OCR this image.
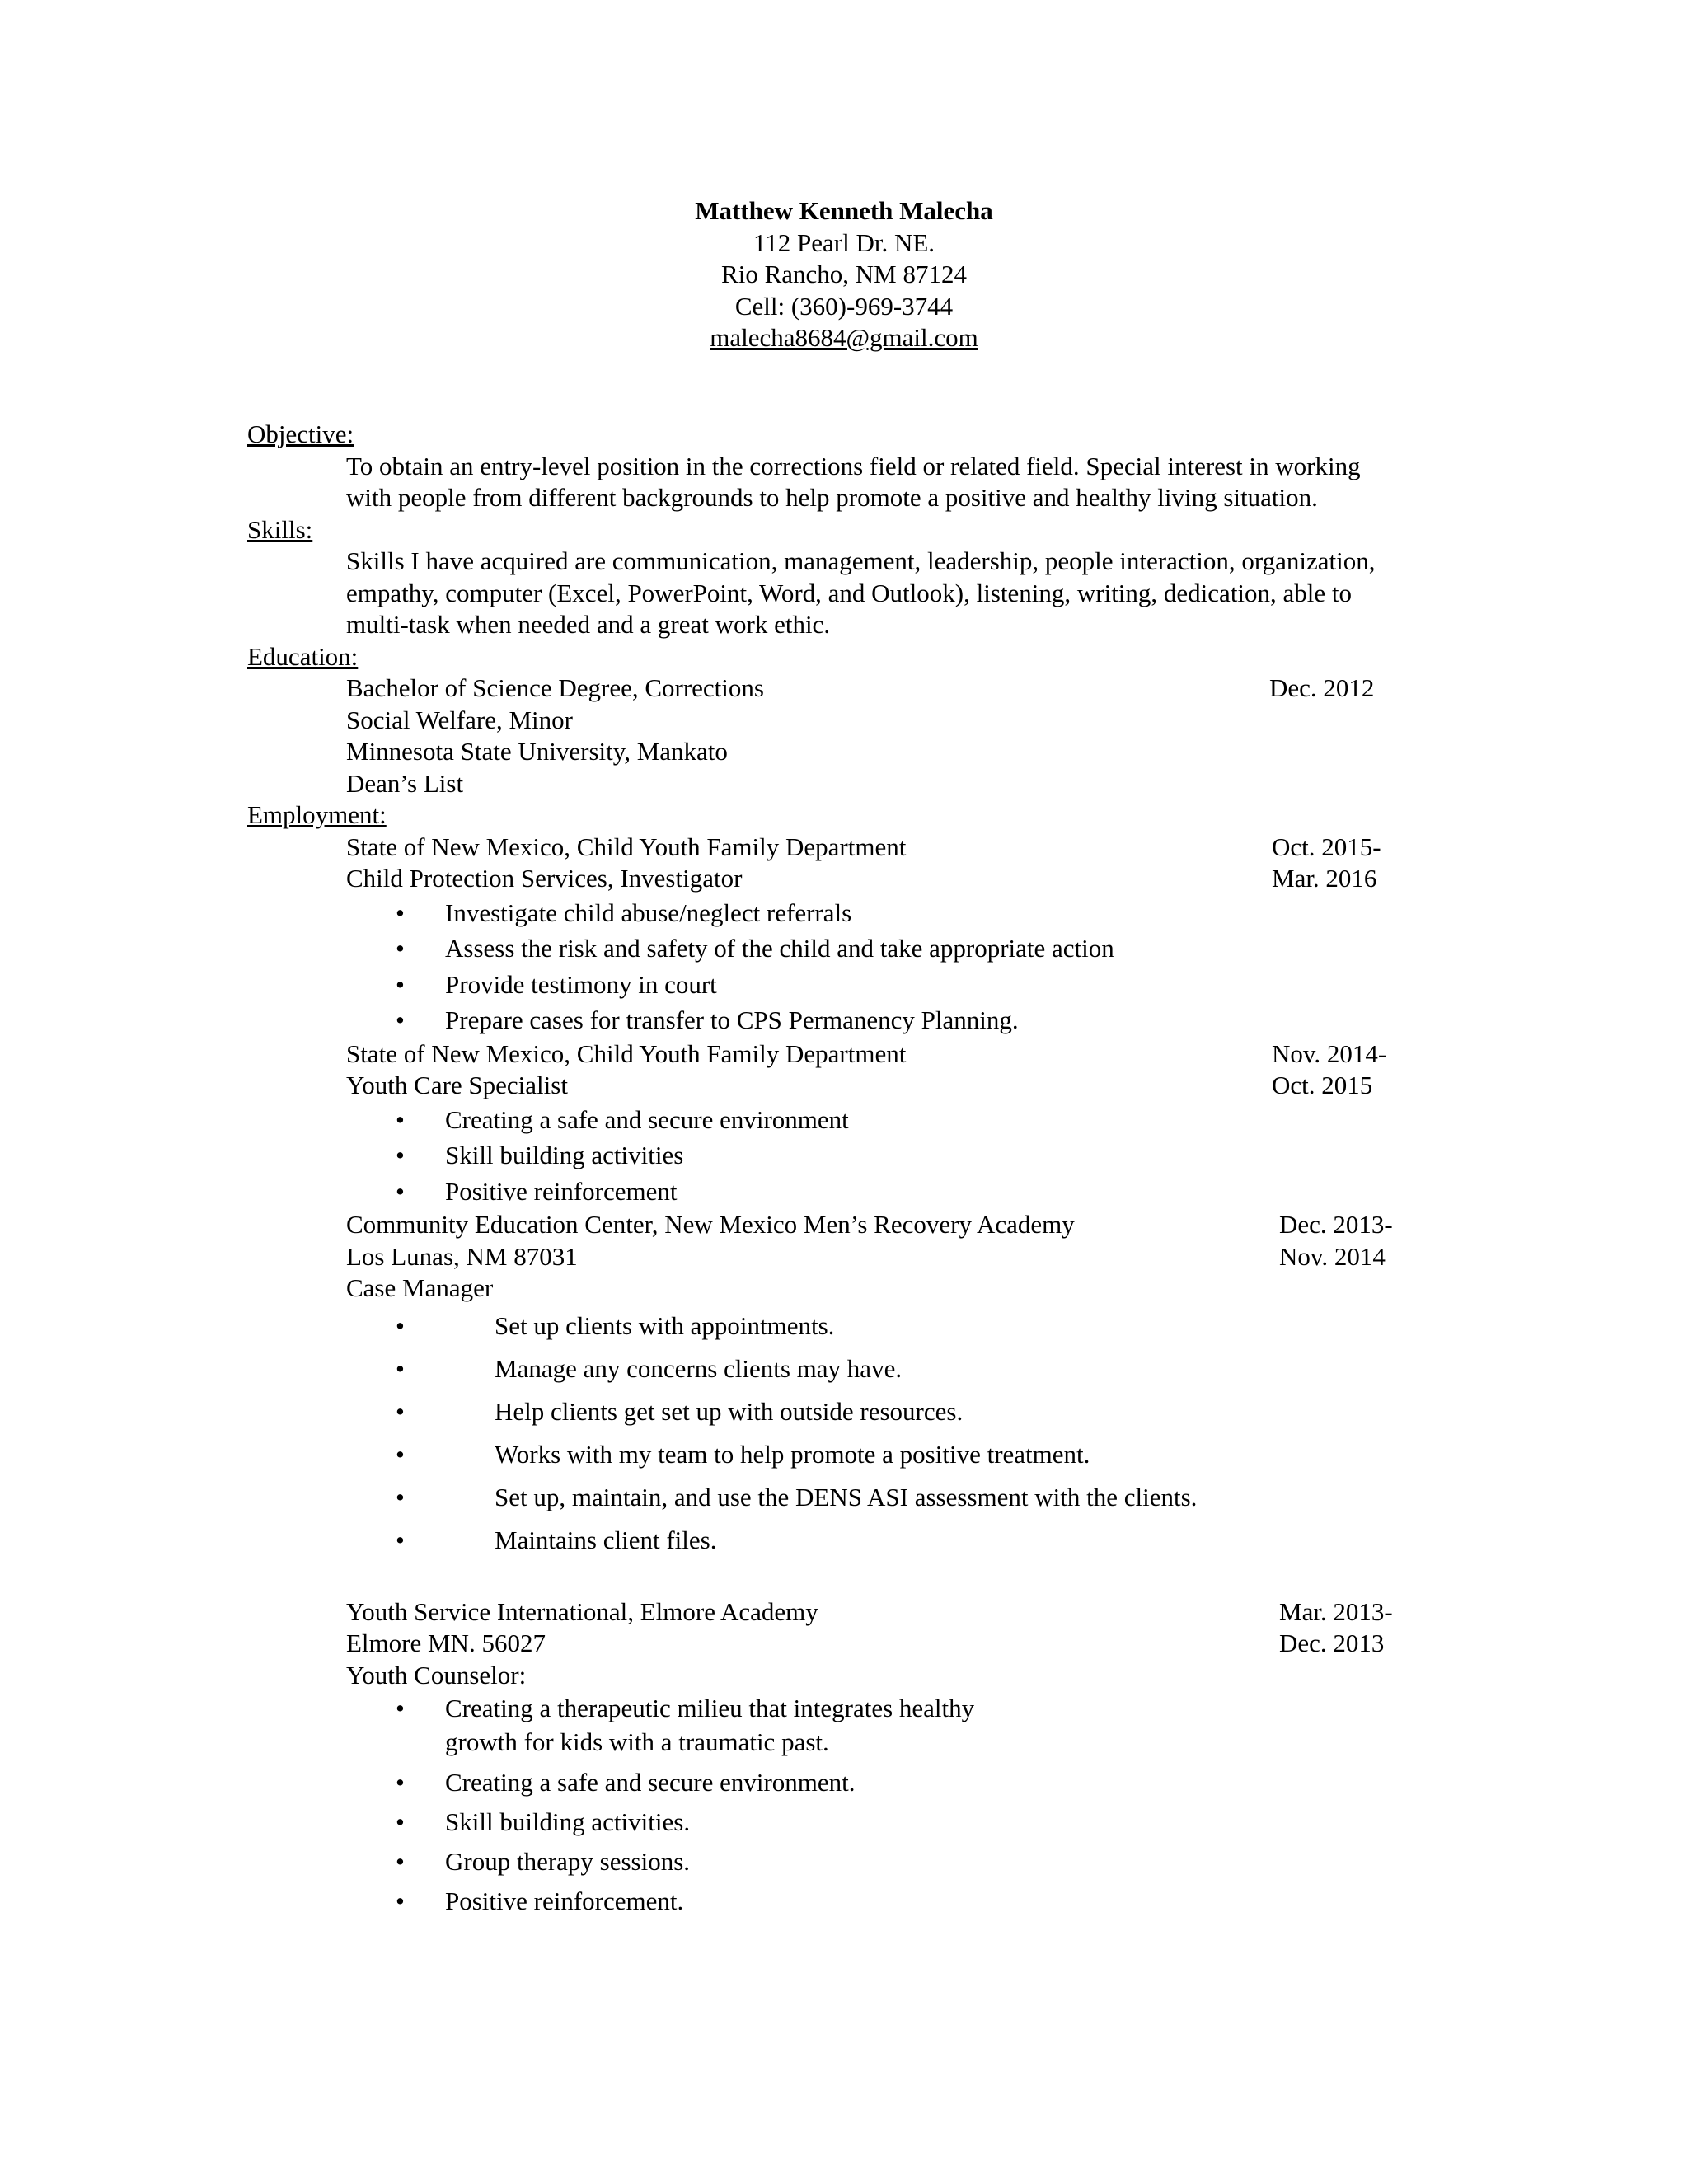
Matthew Kenneth Malecha
112 Pearl Dr. NE.
Rio Rancho, NM 87124
Cell: (360)-969-3744
malecha8684@gmail.com
Objective:
To obtain an entry-level position in the corrections field or related field. Special interest in working with people from different backgrounds to help promote a positive and healthy living situation.
Skills:
Skills I have acquired are communication, management, leadership, people interaction, organization, empathy, computer (Excel, PowerPoint, Word, and Outlook), listening, writing, dedication, able to multi-task when needed and a great work ethic.
Education:
Bachelor of Science Degree, Corrections	Dec. 2012
Social Welfare, Minor
Minnesota State University, Mankato
Dean’s List
Employment:
State of New Mexico, Child Youth Family Department	Oct. 2015-
Child Protection Services, Investigator	Mar. 2016
• Investigate child abuse/neglect referrals
• Assess the risk and safety of the child and take appropriate action
• Provide testimony in court
• Prepare cases for transfer to CPS Permanency Planning.
State of New Mexico, Child Youth Family Department	Nov. 2014-
Youth Care Specialist	Oct. 2015
• Creating a safe and secure environment
• Skill building activities
• Positive reinforcement
Community Education Center, New Mexico Men’s Recovery Academy	Dec. 2013-
Los Lunas, NM 87031	Nov. 2014
Case Manager
•	Set up clients with appointments.
•	Manage any concerns clients may have.
•	Help clients get set up with outside resources.
•	Works with my team to help promote a positive treatment.
•	Set up, maintain, and use the DENS ASI assessment with the clients.
•	Maintains client files.
Youth Service International, Elmore Academy	Mar. 2013-
Elmore MN. 56027	Dec. 2013
Youth Counselor:
• Creating a therapeutic milieu that integrates healthy growth for kids with a traumatic past.
• Creating a safe and secure environment.
• Skill building activities.
• Group therapy sessions.
• Positive reinforcement.
